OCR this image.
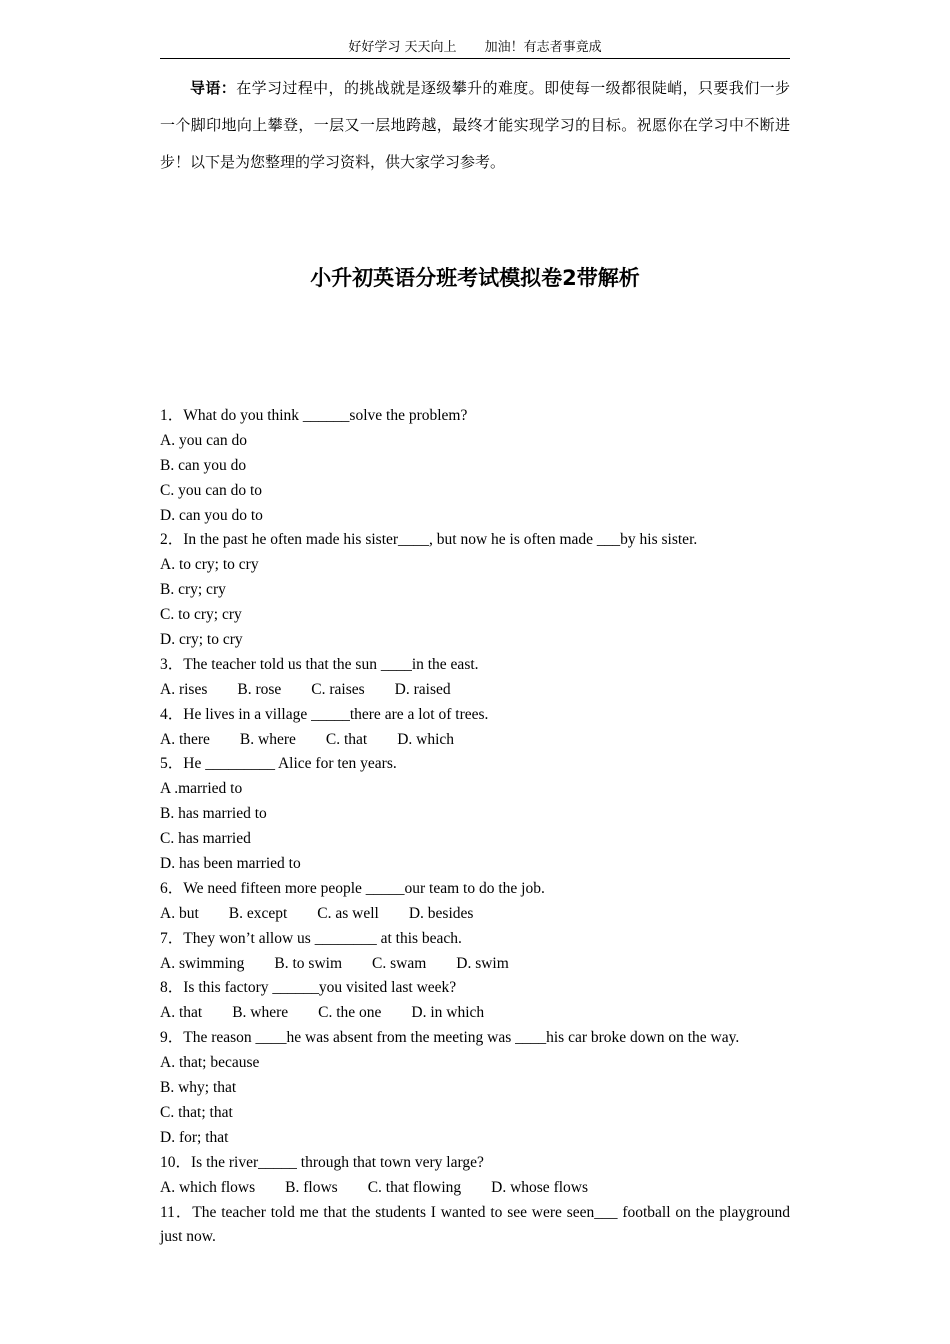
好好学习 天天向上 加油！有志者事竟成
导语：在学习过程中，的挑战就是逐级攀升的难度。即使每一级都很陡峭，只要我们一步一个脚印地向上攀登，一层又一层地跨越，最终才能实现学习的目标。祝愿你在学习中不断进步！以下是为您整理的学习资料，供大家学习参考。
小升初英语分班考试模拟卷2带解析
1．What do you think ______solve the problem?
A. you can do
B. can you do
C. you can do to
D. can you do to
2．In the past he often made his sister____, but now he is often made ___by his sister.
A. to cry; to cry
B. cry; cry
C. to cry; cry
D. cry; to cry
3．The teacher told us that the sun ____in the east.
A. rises B. rose C. raises D. raised
4．He lives in a village _____there are a lot of trees.
A. there B. where C. that D. which
5．He _________ Alice for ten years.
A .married to
B. has married to
C. has married
D. has been married to
6．We need fifteen more people _____our team to do the job.
A. but B. except C. as well D. besides
7．They won’t allow us ________ at this beach.
A. swimming B. to swim C. swam D. swim
8．Is this factory ______you visited last week?
A. that B. where C. the one D. in which
9．The reason ____he was absent from the meeting was ____his car broke down on the way.
A. that; because
B. why; that
C. that; that
D. for; that
10．Is the river_____ through that town very large?
A. which flows B. flows C. that flowing D. whose flows
11．The teacher told me that the students I wanted to see were seen___ football on the playground just now.
